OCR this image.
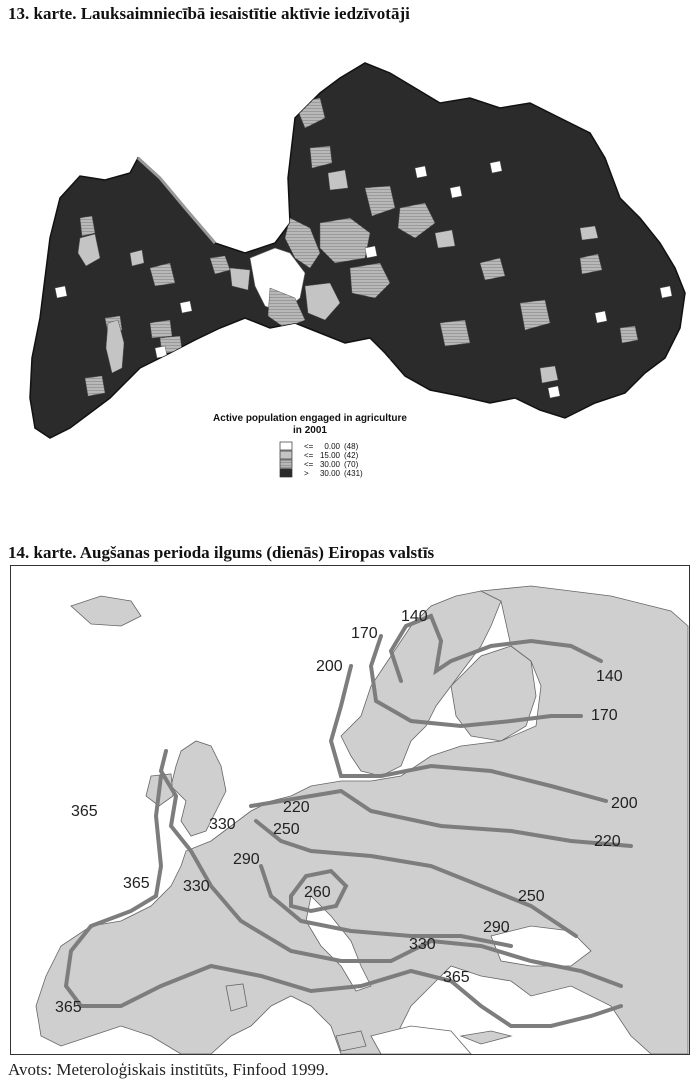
13. karte. Lauksaimniecībā iesaistītie aktīvie iedzīvotāji
Active population engaged in agriculture
in 2001
<= 0.00 (48)
<= 15.00 (42)
<= 30.00 (70)
> 30.00 (431)
14. karte. Augšanas perioda ilgums (dienās) Eiropas valstīs
140
170
200
140
170
365
330
220
250
200
220
290
365 330	260	250
290
330
365
365
Avots: Meteroloģiskais institūts, Finfood 1999.
